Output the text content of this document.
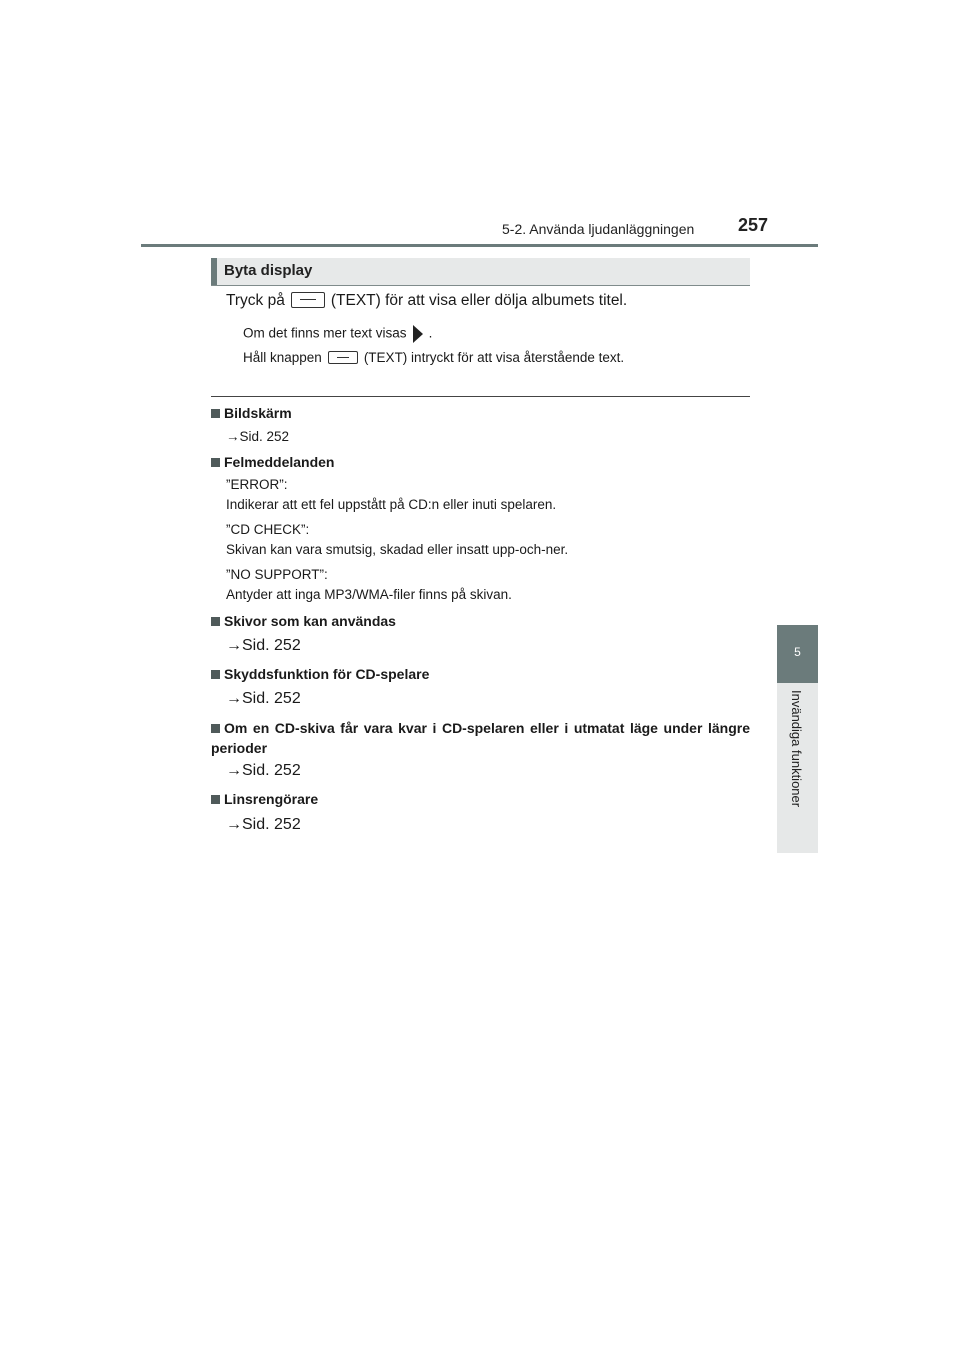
5-2. Använda ljudanläggningen 257
5
Invändiga funktioner
Byta display
Tryck på	(TEXT) för att visa eller dölja albumets titel.
Om det finns mer text visas .
Håll knappen	(TEXT) intryckt för att visa återstående text.
Bildskärm
→Sid. 252
Felmeddelanden
”ERROR”:
Indikerar att ett fel uppstått på CD:n eller inuti spelaren.
”CD CHECK”:
Skivan kan vara smutsig, skadad eller insatt upp-och-ner.
”NO SUPPORT”:
Antyder att inga MP3/WMA-filer finns på skivan.
Skivor som kan användas
→Sid. 252
Skyddsfunktion för CD-spelare
→Sid. 252
Om en CD-skiva får vara kvar i CD-spelaren eller i utmatat läge under längre perioder
→Sid. 252
Linsrengörare
→Sid. 252
